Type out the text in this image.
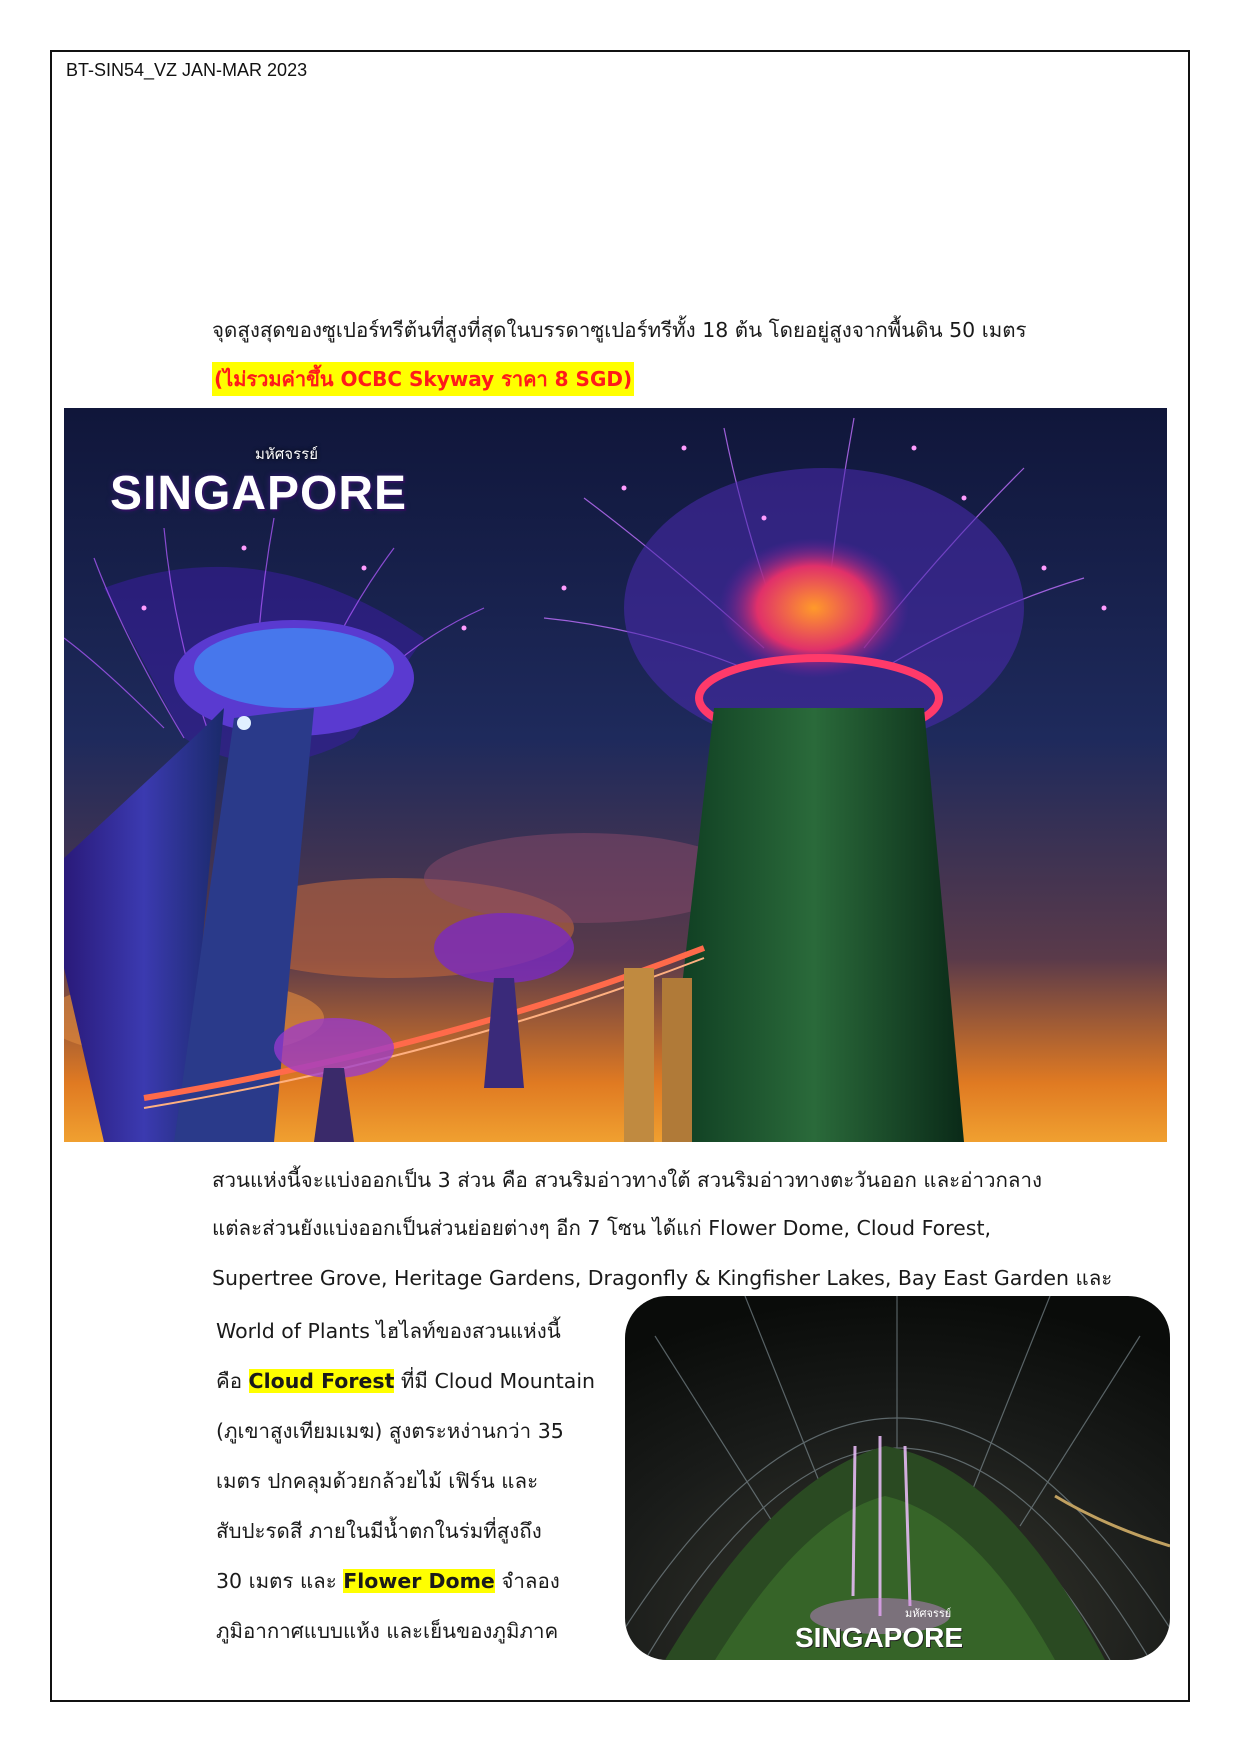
BT-SIN54_VZ JAN-MAR 2023
จุดสูงสุดของซูเปอร์ทรีต้นที่สูงที่สุดในบรรดาซูเปอร์ทรีทั้ง 18 ต้น โดยอยู่สูงจากพื้นดิน 50 เมตร
(ไม่รวมค่าขึ้น OCBC Skyway ราคา 8 SGD)
มหัศจรรย์
SINGAPORE
สวนแห่งนี้จะแบ่งออกเป็น 3 ส่วน คือ สวนริมอ่าวทางใต้ สวนริมอ่าวทางตะวันออก และอ่าวกลาง
แต่ละส่วนยังแบ่งออกเป็นส่วนย่อยต่างๆ อีก 7 โซน ได้แก่ Flower Dome, Cloud Forest,
Supertree Grove, Heritage Gardens, Dragonfly & Kingfisher Lakes, Bay East Garden และ
World of Plants ไฮไลท์ของสวนแห่งนี้
คือ Cloud Forest ที่มี Cloud Mountain
(ภูเขาสูงเทียมเมฆ) สูงตระหง่านกว่า 35
เมตร ปกคลุมด้วยกล้วยไม้ เฟิร์น และ
สับปะรดสี ภายในมีน้ำตกในร่มที่สูงถึง
30 เมตร และ Flower Dome จำลอง
ภูมิอากาศแบบแห้ง และเย็นของภูมิภาค
มหัศจรรย์
SINGAPORE
